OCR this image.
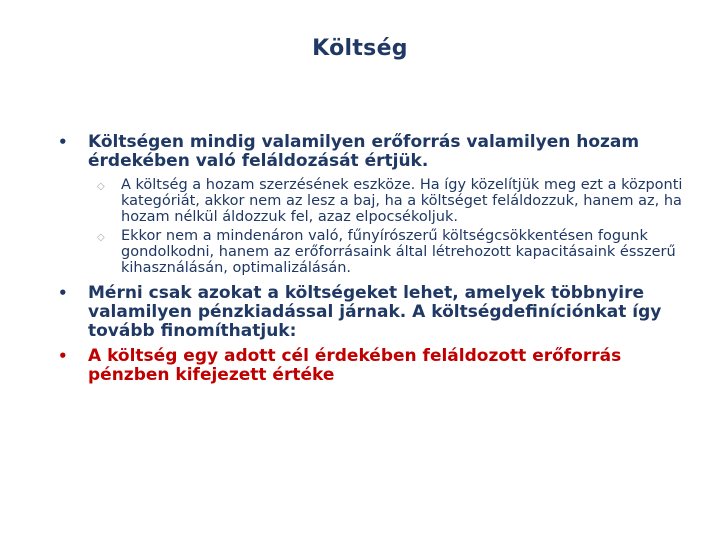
Költség
• Költségen mindig valamilyen erőforrás valamilyen hozam érdekében való feláldozását értjük.
◇ A költség a hozam szerzésének eszköze. Ha így közelítjük meg ezt a központi kategóriát, akkor nem az lesz a baj, ha a költséget feláldozzuk, hanem az, ha hozam nélkül áldozzuk fel, azaz elpocsékoljuk.
◇ Ekkor nem a mindenáron való, fűnyírószerű költségcsökkentésen fogunk gondolkodni, hanem az erőforrásaink által létrehozott kapacitásaink ésszerű kihasználásán, optimalizálásán.
• Mérni csak azokat a költségeket lehet, amelyek többnyire valamilyen pénzkiadással járnak. A költségdefiníciónkat így tovább finomíthatjuk:
• A költség egy adott cél érdekében feláldozott erőforrás pénzben kifejezett értéke
